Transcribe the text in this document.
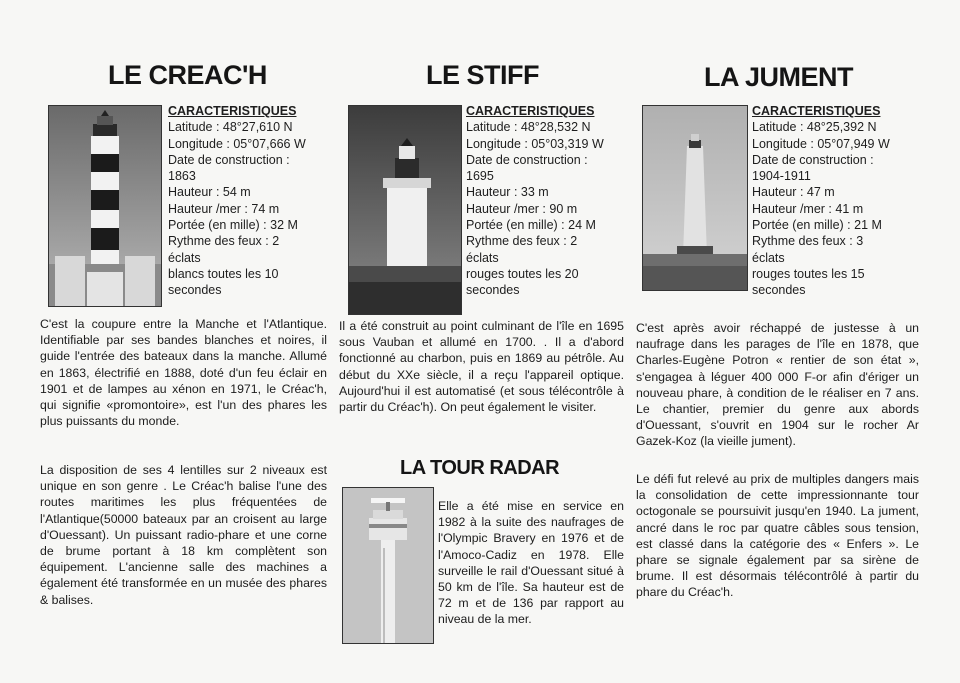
LE CREAC'H
CARACTERISTIQUES
Latitude : 48°27,610 N
Longitude : 05°07,666 W
Date de construction :
1863
Hauteur : 54 m
Hauteur /mer : 74 m
Portée (en mille) : 32 M
Rythme des feux : 2
éclats
blancs toutes les 10
secondes

C'est la coupure entre la Manche et l'Atlantique. Identifiable par ses bandes blanches et noires, il guide l'entrée des bateaux dans la manche. Allumé en 1863, électrifié en 1888, doté d'un feu éclair en 1901 et de lampes au xénon en 1971, le Créac'h, qui signifie «promontoire», est l'un des phares les plus puissants du monde.

La disposition de ses 4 lentilles sur 2 niveaux est unique en son genre . Le Créac'h balise l'une des routes maritimes les plus fréquentées de l'Atlantique(50000 bateaux par an croisent au large d'Ouessant). Un puissant radio-phare et une corne de brume portant à 18 km complètent son équipement. L'ancienne salle des machines a également été transformée en un musée des phares & balises.

LE STIFF
CARACTERISTIQUES
Latitude : 48°28,532 N
Longitude : 05°03,319 W
Date de construction :
1695
Hauteur : 33 m
Hauteur /mer : 90 m
Portée (en mille) : 24 M
Rythme des feux : 2
éclats
rouges toutes les 20
secondes

Il a été construit au point culminant de l'île en 1695 sous Vauban et allumé en 1700. . Il a d'abord fonctionné au charbon, puis en 1869 au pétrôle. Au début du XXe siècle, il a reçu l'appareil optique. Aujourd'hui il est automatisé (et sous télécontrôle à partir du Créac'h). On peut également le visiter.

LA TOUR RADAR

Elle a été mise en service en 1982 à la suite des naufrages de l'Olympic Bravery en 1976 et de l'Amoco-Cadiz en 1978. Elle surveille le rail d'Ouessant situé à 50 km de l'île. Sa hauteur est de 72 m et de 136 par rapport au niveau de la mer.

LA JUMENT
CARACTERISTIQUES
Latitude : 48°25,392 N
Longitude : 05°07,949 W
Date de construction :
1904-1911
Hauteur : 47 m
Hauteur /mer : 41 m
Portée (en mille) : 21 M
Rythme des feux : 3
éclats
rouges toutes les 15
secondes

C'est après avoir réchappé de justesse à un naufrage dans les parages de l'île en 1878, que Charles-Eugène Potron « rentier de son état », s'engagea à léguer 400 000 F-or afin d'ériger un nouveau phare, à condition de le réaliser en 7 ans. Le chantier, premier du genre aux abords d'Ouessant, s'ouvrit en 1904 sur le rocher Ar Gazek-Koz (la vieille jument).

Le défi fut relevé au prix de multiples dangers mais la consolidation de cette impressionnante tour octogonale se poursuivit jusqu'en 1940. La jument, ancré dans le roc par quatre câbles sous tension, est classé dans la catégorie des « Enfers ». Le phare se signale également par sa sirène de brume. Il est désormais télécontrôlé à partir du phare du Créac'h.
